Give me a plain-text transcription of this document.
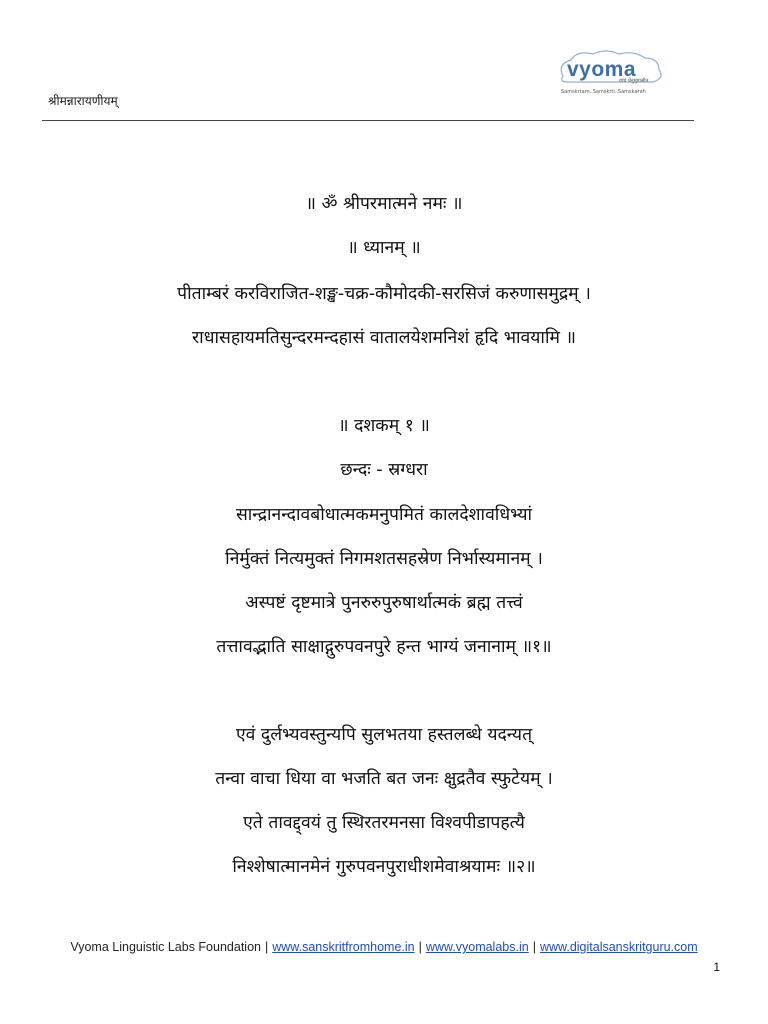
श्रीमन्नारायणीयम्
vyoma
वाचं धेनुमुपासीत
Samskrtam..Samskrti..Samskarah
॥ ॐ श्रीपरमात्मने नमः ॥
॥ ध्यानम् ॥
पीताम्बरं करविराजित-शङ्ख-चक्र-कौमोदकी-सरसिजं करुणासमुद्रम् ।
राधासहायमतिसुन्दरमन्दहासं वातालयेशमनिशं हृदि भावयामि ॥
॥ दशकम् १ ॥
छन्दः - स्रग्धरा
सान्द्रानन्दावबोधात्मकमनुपमितं कालदेशावधिभ्यां
निर्मुक्तं नित्यमुक्तं निगमशतसहस्रेण निर्भास्यमानम् ।
अस्पष्टं दृष्टमात्रे पुनरुरुपुरुषार्थात्मकं ब्रह्म तत्त्वं
तत्तावद्भाति साक्षाद्गुरुपवनपुरे हन्त भाग्यं जनानाम् ॥१॥
एवं दुर्लभ्यवस्तुन्यपि सुलभतया हस्तलब्धे यदन्यत्
तन्वा वाचा धिया वा भजति बत जनः क्षुद्रतैव स्फुटेयम् ।
एते तावद्द्वयं तु स्थिरतरमनसा विश्वपीडापहत्यै
निश्शेषात्मानमेनं गुरुपवनपुराधीशमेवाश्रयामः ॥२॥
Vyoma Linguistic Labs Foundation | www.sanskritfromhome.in | www.vyomalabs.in | www.digitalsanskritguru.com
1
